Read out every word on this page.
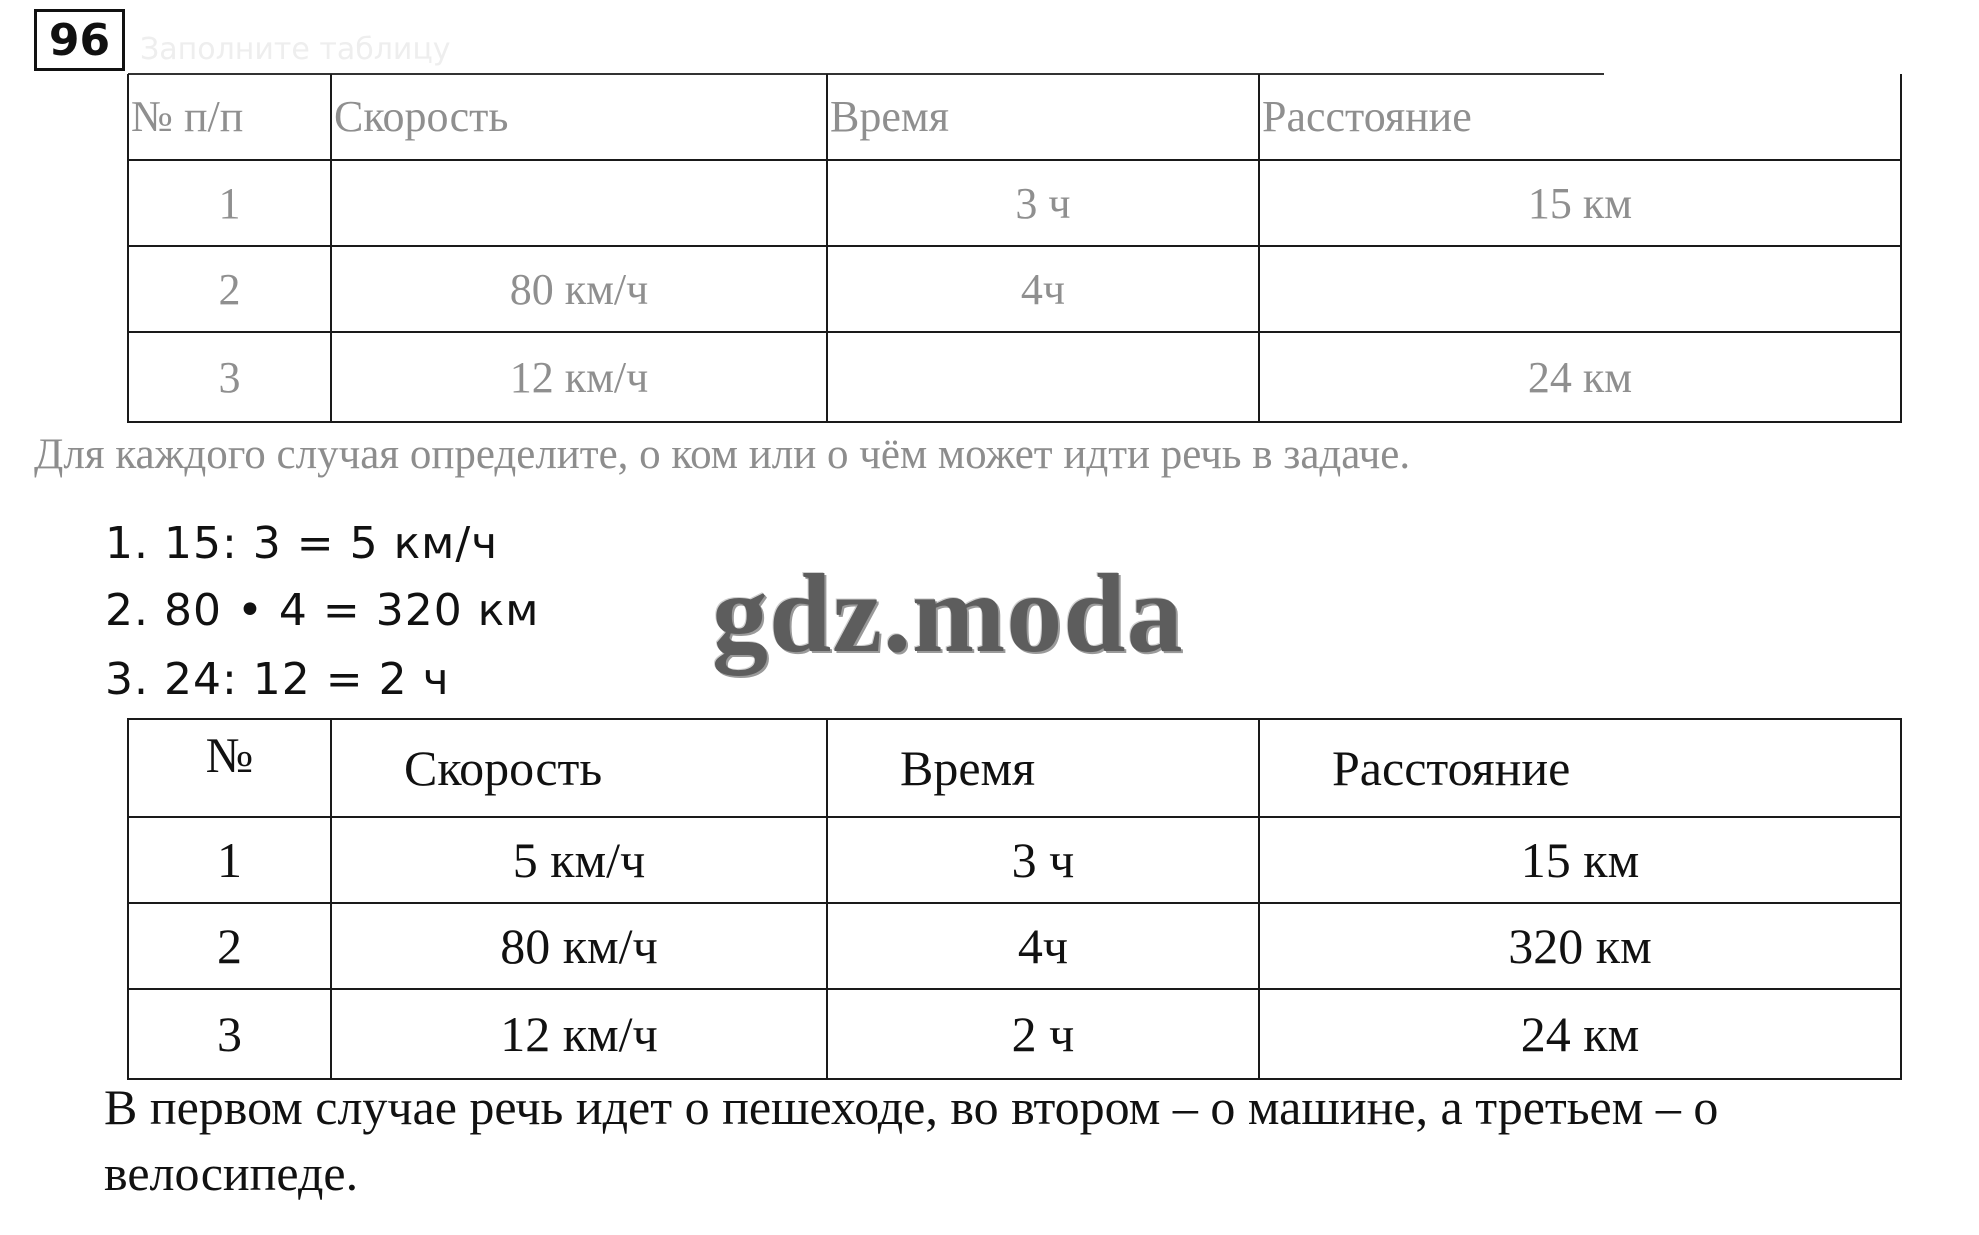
96 Заполните таблицу
№ п/п	Скорость	Время	Расстояние
1		3 ч	15 км
2	80 км/ч	4ч	
3	12 км/ч		24 км
Для каждого случая определите, о ком или о чём может идти речь в задаче.
1. 15: 3 = 5 км/ч
2. 80 • 4 = 320 км
3. 24: 12 = 2 ч
gdz.moda
№	Скорость	Время	Расстояние
1	5 км/ч	3 ч	15 км
2	80 км/ч	4ч	320 км
3	12 км/ч	2 ч	24 км
В первом случае речь идет о пешеходе, во втором – о машине, а третьем – о велосипеде.
